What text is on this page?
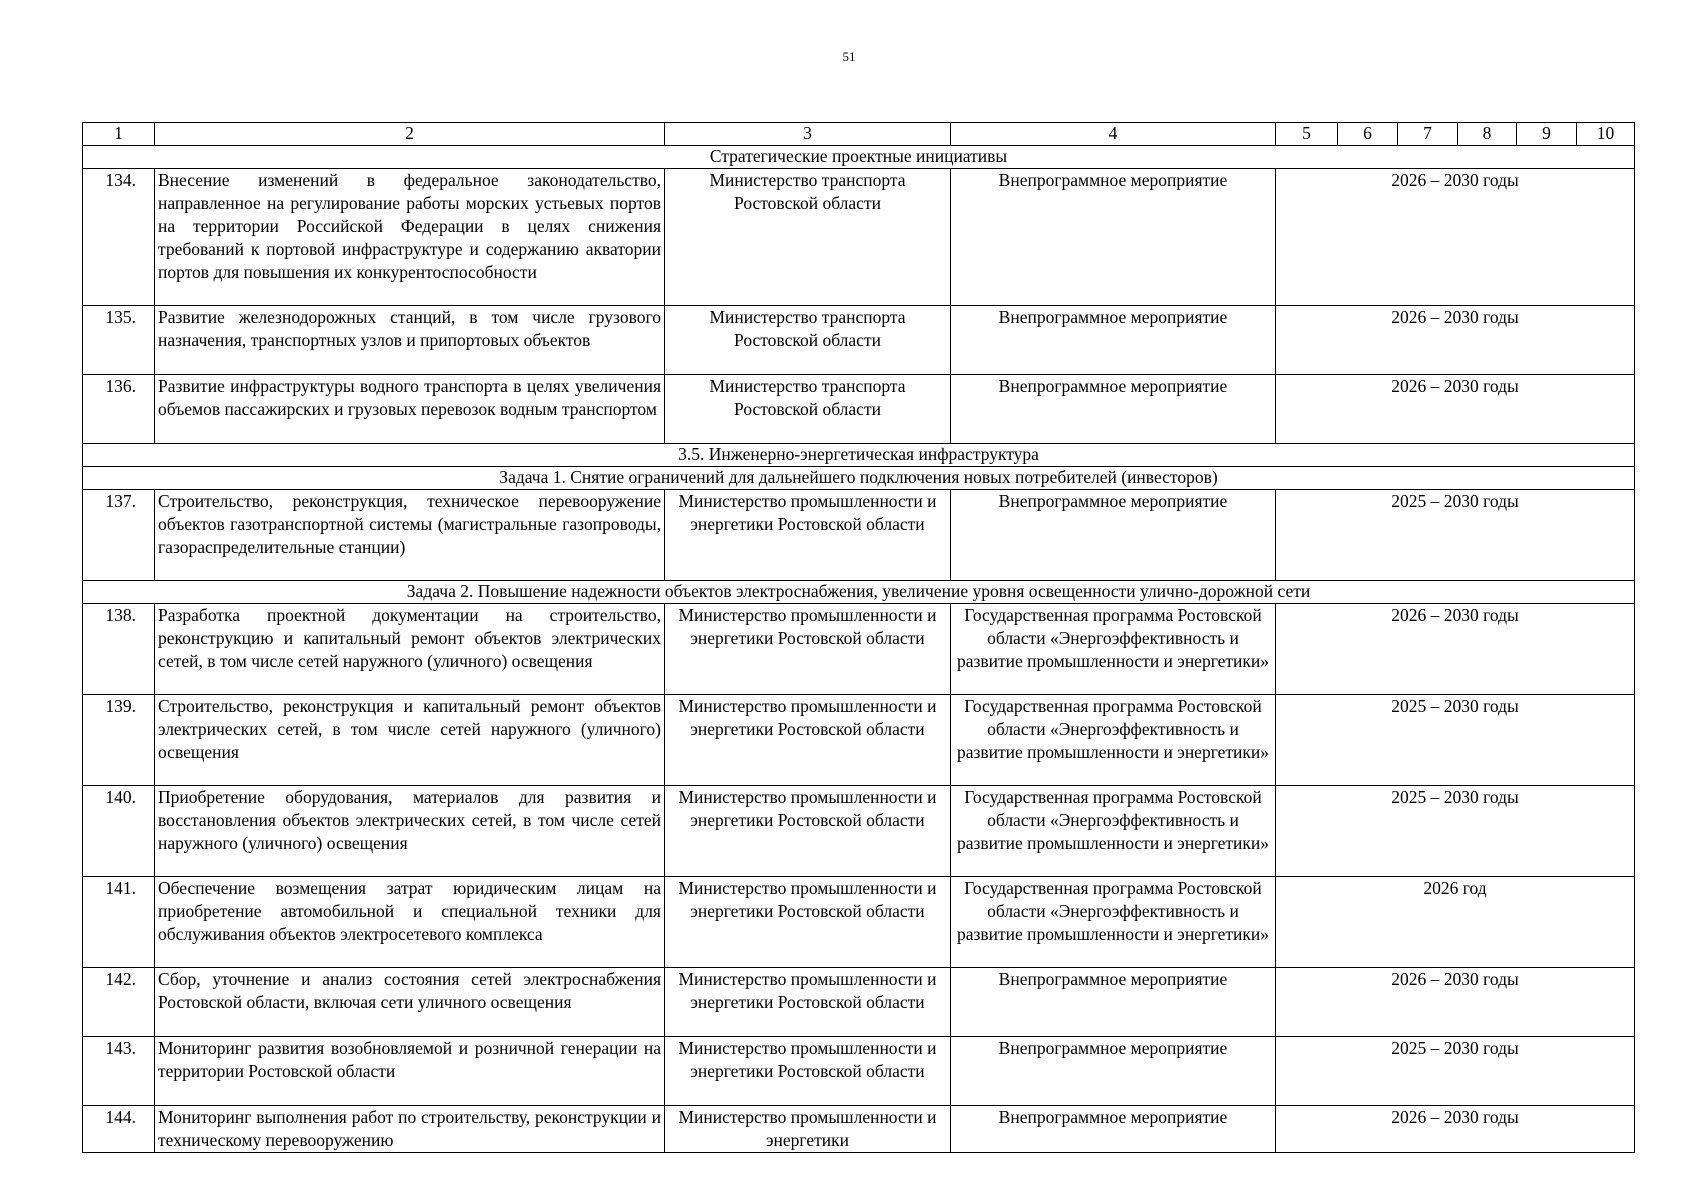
51
1	2	3	4	5	6	7	8	9	10
Стратегические проектные инициативы									
134.	Внесение изменений в федеральное законодательство, направленное на регулирование работы морских устьевых портов на территории Российской Федерации в целях снижения требований к портовой инфраструктуре и содержанию акватории портов для повышения их конкурентоспособности	Министерство транспорта Ростовской области	Внепрограммное мероприятие	2026 – 2030 годы					
135.	Развитие железнодорожных станций, в том числе грузового назначения, транспортных узлов и припортовых объектов	Министерство транспорта Ростовской области	Внепрограммное мероприятие	2026 – 2030 годы					
136.	Развитие инфраструктуры водного транспорта в целях увеличения объемов пассажирских и грузовых перевозок водным транспортом	Министерство транспорта Ростовской области	Внепрограммное мероприятие	2026 – 2030 годы					
3.5. Инженерно-энергетическая инфраструктура									
Задача 1. Снятие ограничений для дальнейшего подключения новых потребителей (инвесторов)									
137.	Строительство, реконструкция, техническое перевооружение объектов газотранспортной системы (магистральные газопроводы, газораспределительные станции)	Министерство промышленности и энергетики Ростовской области	Внепрограммное мероприятие	2025 – 2030 годы					
Задача 2. Повышение надежности объектов электроснабжения, увеличение уровня освещенности улично-дорожной сети									
138.	Разработка проектной документации на строительство, реконструкцию и капитальный ремонт объектов электрических сетей, в том числе сетей наружного (уличного) освещения	Министерство промышленности и энергетики Ростовской области	Государственная программа Ростовской области «Энергоэффективность и развитие промышленности и энергетики»	2026 – 2030 годы					
139.	Строительство, реконструкция и капитальный ремонт объектов электрических сетей, в том числе сетей наружного (уличного) освещения	Министерство промышленности и энергетики Ростовской области	Государственная программа Ростовской области «Энергоэффективность и развитие промышленности и энергетики»	2025 – 2030 годы					
140.	Приобретение оборудования, материалов для развития и восстановления объектов электрических сетей, в том числе сетей наружного (уличного) освещения	Министерство промышленности и энергетики Ростовской области	Государственная программа Ростовской области «Энергоэффективность и развитие промышленности и энергетики»	2025 – 2030 годы					
141.	Обеспечение возмещения затрат юридическим лицам на приобретение автомобильной и специальной техники для обслуживания объектов электросетевого комплекса	Министерство промышленности и энергетики Ростовской области	Государственная программа Ростовской области «Энергоэффективность и развитие промышленности и энергетики»	2026 год					
142.	Сбор, уточнение и анализ состояния сетей электроснабжения Ростовской области, включая сети уличного освещения	Министерство промышленности и энергетики Ростовской области	Внепрограммное мероприятие	2026 – 2030 годы					
143.	Мониторинг развития возобновляемой и розничной генерации на территории Ростовской области	Министерство промышленности и энергетики Ростовской области	Внепрограммное мероприятие	2025 – 2030 годы					
144.	Мониторинг выполнения работ по строительству, реконструкции и техническому перевооружению	Министерство промышленности и энергетики	Внепрограммное мероприятие	2026 – 2030 годы					
